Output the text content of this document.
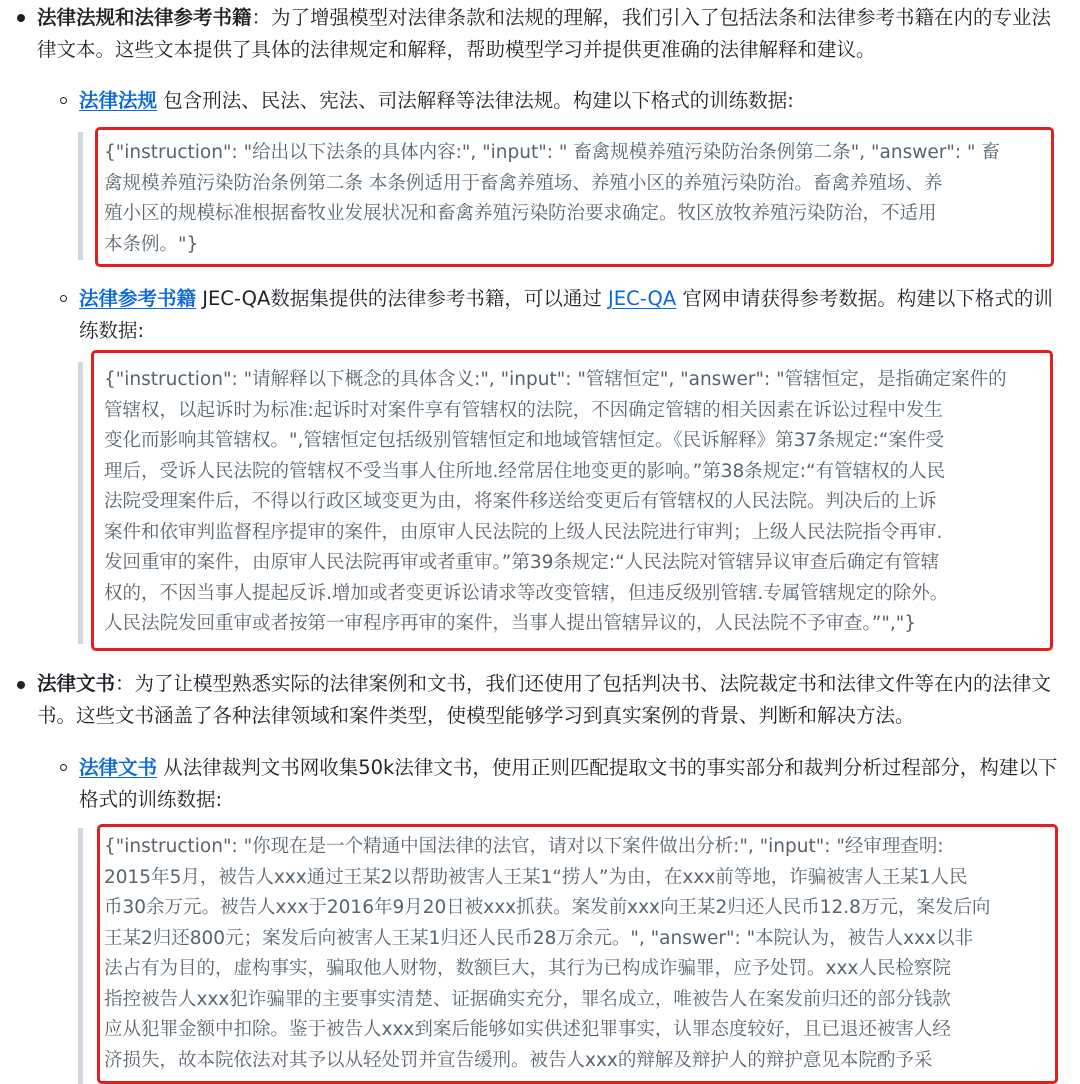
法律法规和法律参考书籍：为了增强模型对法律条款和法规的理解，我们引入了包括法条和法律参考书籍在内的专业法律文本。这些文本提供了具体的法律规定和解释，帮助模型学习并提供更准确的法律解释和建议。

法律法规 包含刑法、民法、宪法、司法解释等法律法规。构建以下格式的训练数据:

{"instruction": "给出以下法条的具体内容:", "input": " 畜禽规模养殖污染防治条例第二条", "answer": " 畜
禽规模养殖污染防治条例第二条 本条例适用于畜禽养殖场、养殖小区的养殖污染防治。畜禽养殖场、养
殖小区的规模标准根据畜牧业发展状况和畜禽养殖污染防治要求确定。牧区放牧养殖污染防治，不适用
本条例。"}

法律参考书籍 JEC-QA数据集提供的法律参考书籍，可以通过 JEC-QA 官网申请获得参考数据。构建以下格式的训练数据:

{"instruction": "请解释以下概念的具体含义:", "input": "管辖恒定", "answer": "管辖恒定，是指确定案件的
管辖权，以起诉时为标准:起诉时对案件享有管辖权的法院，不因确定管辖的相关因素在诉讼过程中发生
变化而影响其管辖权。",管辖恒定包括级别管辖恒定和地域管辖恒定。《民诉解释》第37条规定:“案件受
理后，受诉人民法院的管辖权不受当事人住所地.经常居住地变更的影响。”第38条规定:“有管辖权的人民
法院受理案件后，不得以行政区域变更为由，将案件移送给变更后有管辖权的人民法院。判决后的上诉
案件和依审判监督程序提审的案件，由原审人民法院的上级人民法院进行审判；上级人民法院指令再审.
发回重审的案件，由原审人民法院再审或者重审。”第39条规定:“人民法院对管辖异议审查后确定有管辖
权的，不因当事人提起反诉.增加或者变更诉讼请求等改变管辖，但违反级别管辖.专属管辖规定的除外。
人民法院发回重审或者按第一审程序再审的案件，当事人提出管辖异议的，人民法院不予审查。”","}

法律文书：为了让模型熟悉实际的法律案例和文书，我们还使用了包括判决书、法院裁定书和法律文件等在内的法律文书。这些文书涵盖了各种法律领域和案件类型，使模型能够学习到真实案例的背景、判断和解决方法。

法律文书 从法律裁判文书网收集50k法律文书，使用正则匹配提取文书的事实部分和裁判分析过程部分，构建以下格式的训练数据:

{"instruction": "你现在是一个精通中国法律的法官，请对以下案件做出分析:", "input": "经审理查明:
2015年5月，被告人xxx通过王某2以帮助被害人王某1“捞人”为由，在xxx前等地，诈骗被害人王某1人民
币30余万元。被告人xxx于2016年9月20日被xxx抓获。案发前xxx向王某2归还人民币12.8万元，案发后向
王某2归还800元；案发后向被害人王某1归还人民币28万余元。", "answer": "本院认为，被告人xxx以非
法占有为目的，虚构事实，骗取他人财物，数额巨大，其行为已构成诈骗罪，应予处罚。xxx人民检察院
指控被告人xxx犯诈骗罪的主要事实清楚、证据确实充分，罪名成立，唯被告人在案发前归还的部分钱款
应从犯罪金额中扣除。鉴于被告人xxx到案后能够如实供述犯罪事实，认罪态度较好，且已退还被害人经
济损失，故本院依法对其予以从轻处罚并宣告缓刑。被告人xxx的辩解及辩护人的辩护意见本院酌予采
